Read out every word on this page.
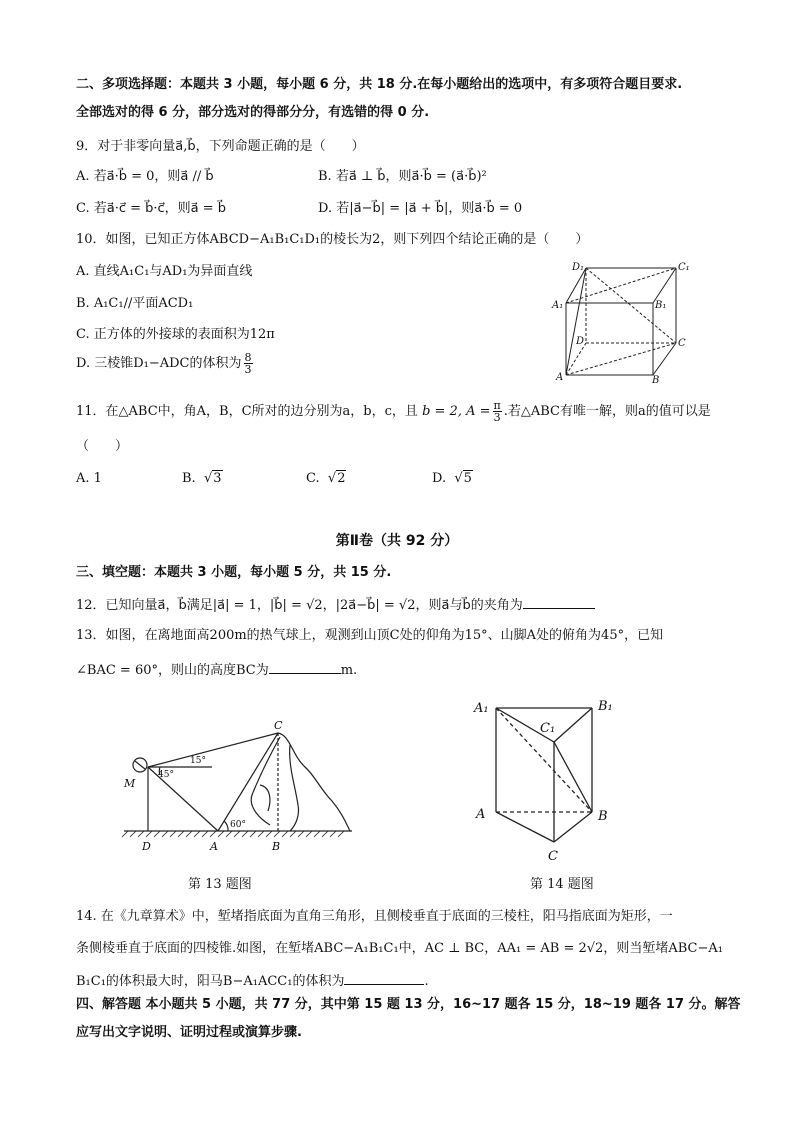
二、多项选择题：本题共 3 小题，每小题 6 分，共 18 分.在每小题给出的选项中，有多项符合题目要求.
全部选对的得 6 分，部分选对的得部分分，有选错的得 0 分.
9．对于非零向量a⃗,b⃗，下列命题正确的是（　　）
A. 若a⃗·b⃗ = 0，则a⃗ // b⃗	B. 若a⃗ ⊥ b⃗，则a⃗·b⃗ = (a⃗·b⃗)²
C. 若a⃗·c⃗ = b⃗·c⃗，则a⃗ = b⃗	D. 若|a⃗−b⃗| = |a⃗ + b⃗|，则a⃗·b⃗ = 0
10．如图，已知正方体ABCD−A₁B₁C₁D₁的棱长为2，则下列四个结论正确的是（　　）
A. 直线A₁C₁与AD₁为异面直线
B. A₁C₁//平面ACD₁
C. 正方体的外接球的表面积为12π
D. 三棱锥D₁−ADC的体积为 $\frac{8}{3}$
D₁	C₁
A₁	B₁
D	C
A	B
11．在△ABC中，角A，B，C所对的边分别为a，b，c，且 b = 2, $A = \frac{\pi}{3}$ .若△ABC有唯一解，则a的值可以是
（　　）
A. 1	B. √3	C. √2	D. √5
第Ⅱ卷（共 92 分）
三、填空题：本题共 3 小题，每小题 5 分，共 15 分.
12．已知向量a⃗，b⃗满足|a⃗| = 1，|b⃗| = √2，|2a⃗−b⃗| = √2，则a⃗与b⃗的夹角为
13．如图，在离地面高200m的热气球上，观测到山顶C处的仰角为15°、山脚A处的俯角为45°，已知
∠BAC = 60°，则山的高度BC为	m.
C
M
D	A	B
15°
45°
60°
第 13 题图
A₁	B₁
C₁
A	B
C
第 14 题图
14. 在《九章算术》中，堑堵指底面为直角三角形，且侧棱垂直于底面的三棱柱，阳马指底面为矩形，一
条侧棱垂直于底面的四棱锥.如图，在堑堵ABC−A₁B₁C₁中，AC ⊥ BC，AA₁ = AB = 2√2，则当堑堵ABC−A₁
B₁C₁的体积最大时，阳马B−A₁ACC₁的体积为	.
四、解答题 本小题共 5 小题，共 77 分，其中第 15 题 13 分，16~17 题各 15 分，18~19 题各 17 分。解答
应写出文字说明、证明过程或演算步骤.
